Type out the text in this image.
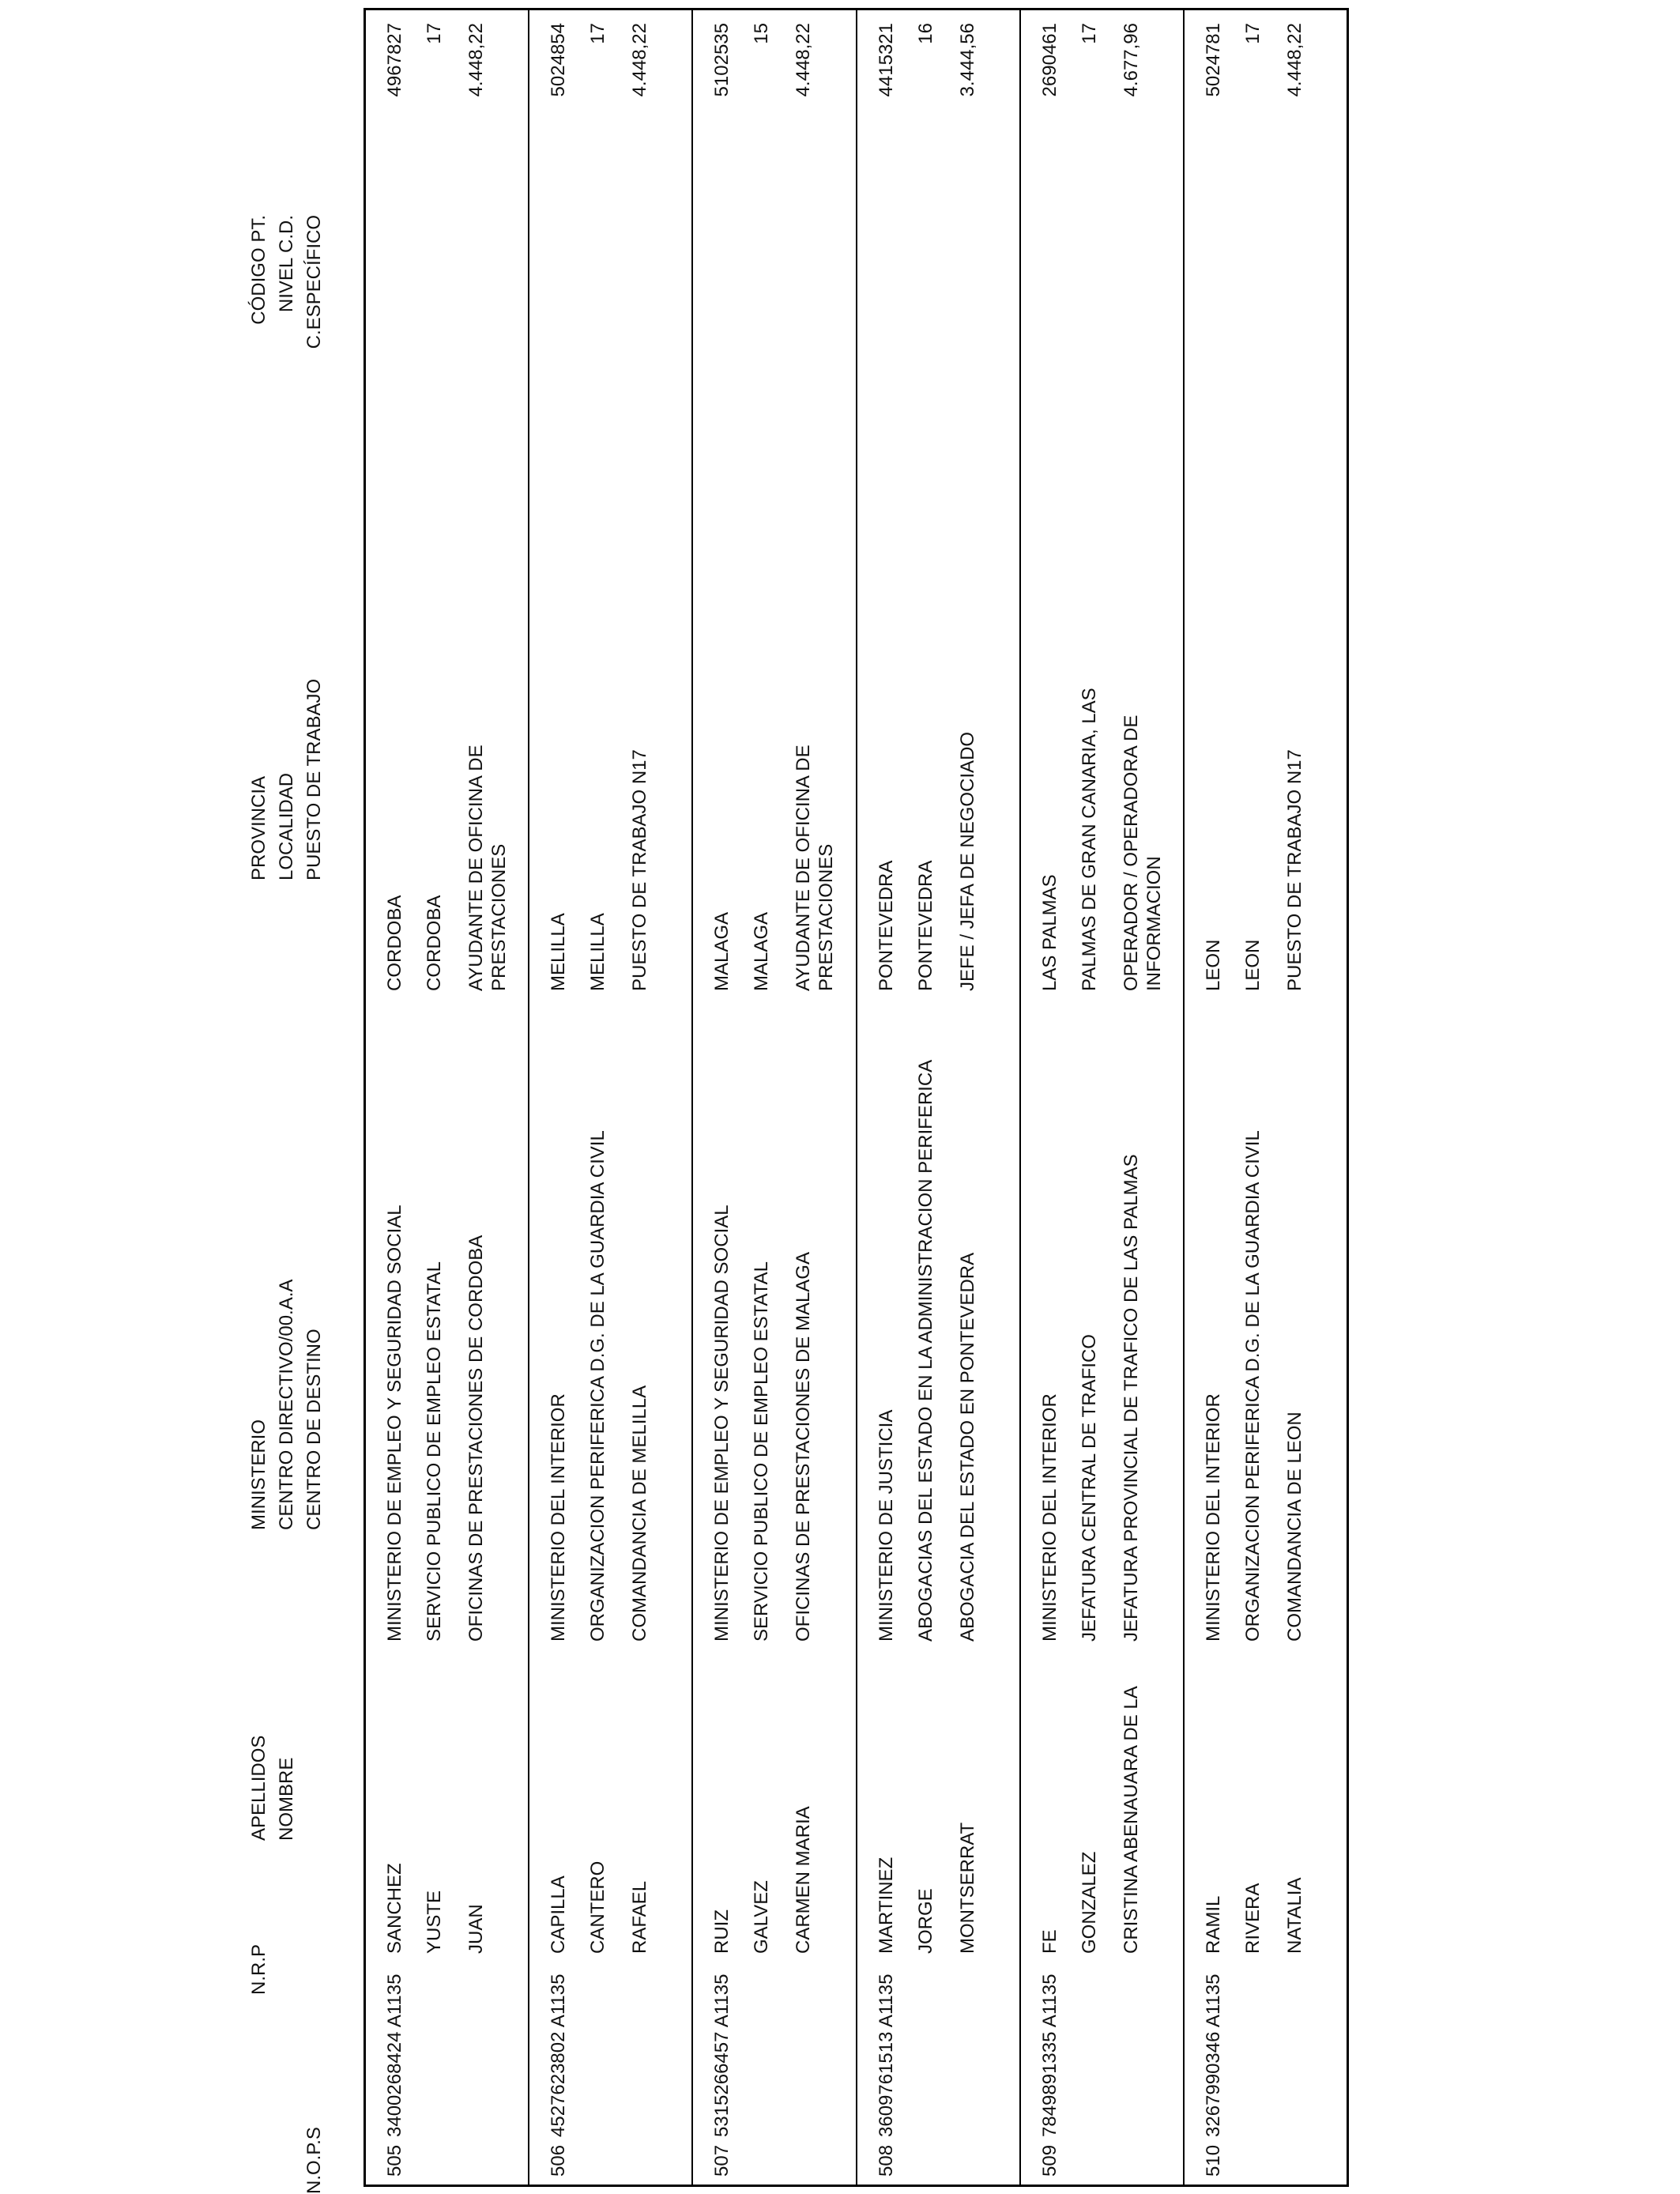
N.O.P.S
N.R.P
APELLIDOS NOMBRE
MINISTERIO CENTRO DIRECTIVO/00.A.A CENTRO DE DESTINO
PROVINCIA LOCALIDAD PUESTO DE TRABAJO
CÓDIGO PT. NIVEL C.D. C.ESPECÍFICO
505
3400268424 A1135
SANCHEZ YUSTE JUAN
MINISTERIO DE EMPLEO Y SEGURIDAD SOCIAL SERVICIO PUBLICO DE EMPLEO ESTATAL OFICINAS DE PRESTACIONES DE CORDOBA
CORDOBA CORDOBA AYUDANTE DE OFICINA DE PRESTACIONES
4967827 17 4.448,22
506
4527623802 A1135
CAPILLA CANTERO RAFAEL
MINISTERIO DEL INTERIOR ORGANIZACION PERIFERICA D.G. DE LA GUARDIA CIVIL COMANDANCIA DE MELILLA
MELILLA MELILLA PUESTO DE TRABAJO N17
5024854 17 4.448,22
507
5315266457 A1135
RUIZ GALVEZ CARMEN MARIA
MINISTERIO DE EMPLEO Y SEGURIDAD SOCIAL SERVICIO PUBLICO DE EMPLEO ESTATAL OFICINAS DE PRESTACIONES DE MALAGA
MALAGA MALAGA AYUDANTE DE OFICINA DE PRESTACIONES
5102535 15 4.448,22
508
3609761513 A1135
MARTINEZ JORGE MONTSERRAT
MINISTERIO DE JUSTICIA ABOGACIAS DEL ESTADO EN LA ADMINISTRACION PERIFERICA ABOGACIA DEL ESTADO EN PONTEVEDRA
PONTEVEDRA PONTEVEDRA JEFE / JEFA DE NEGOCIADO
4415321 16 3.444,56
509
7849891335 A1135
FE GONZALEZ CRISTINA ABENAUARA DE LA
MINISTERIO DEL INTERIOR JEFATURA CENTRAL DE TRAFICO JEFATURA PROVINCIAL DE TRAFICO DE LAS PALMAS
LAS PALMAS PALMAS DE GRAN CANARIA, LAS OPERADOR / OPERADORA DE INFORMACION
2690461 17 4.677,96
510
3267990346 A1135
RAMIL RIVERA NATALIA
MINISTERIO DEL INTERIOR ORGANIZACION PERIFERICA D.G. DE LA GUARDIA CIVIL COMANDANCIA DE LEON
LEON LEON PUESTO DE TRABAJO N17
5024781 17 4.448,22
